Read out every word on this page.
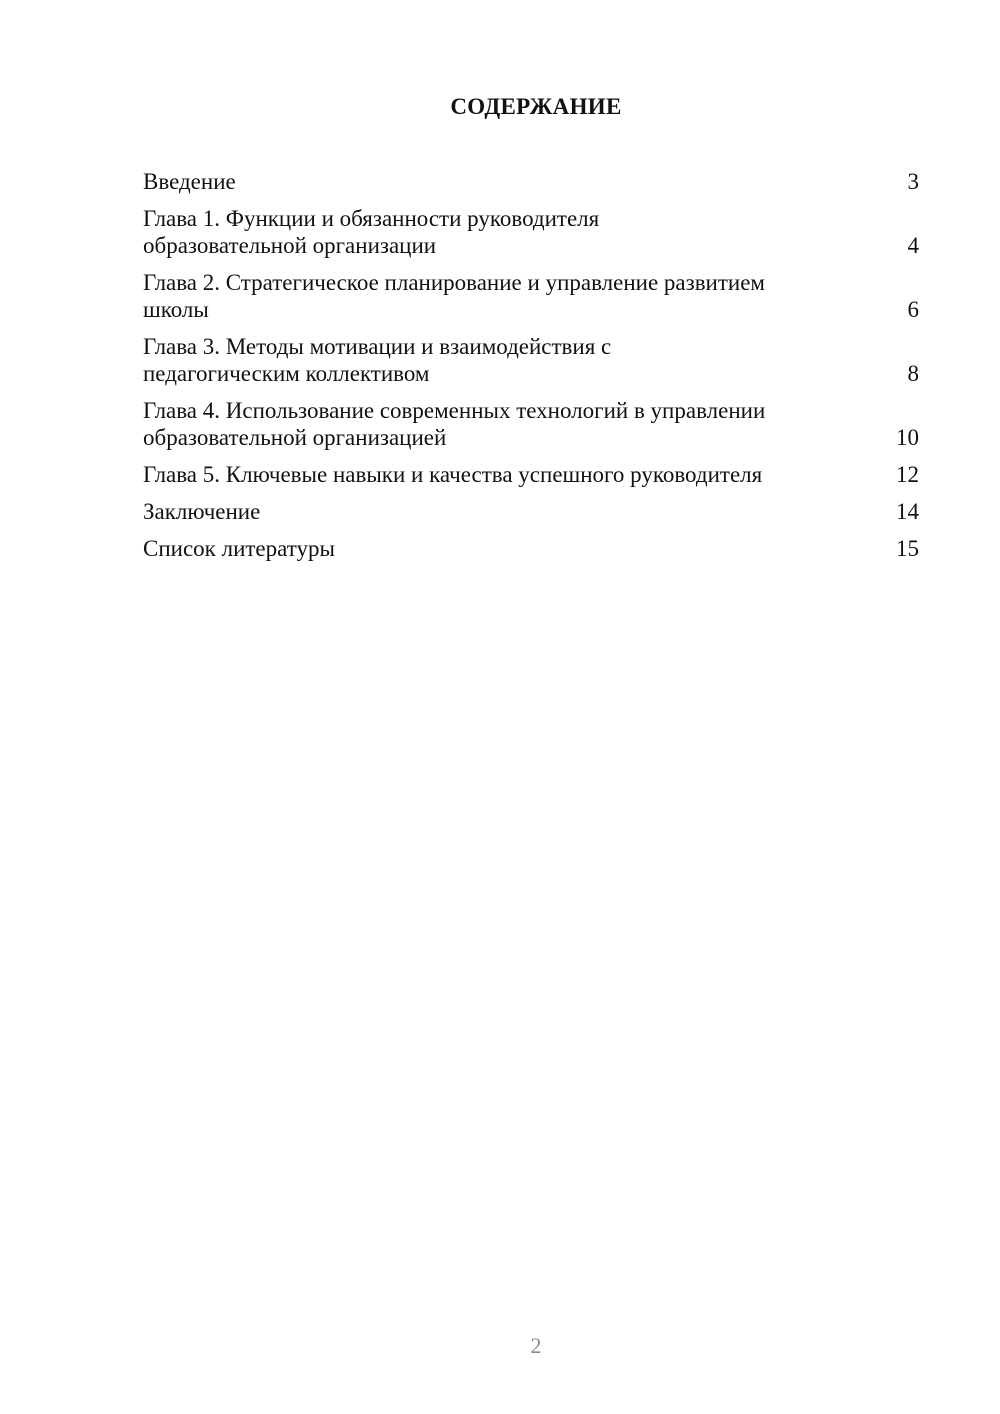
СОДЕРЖАНИЕ
Введение	3
Глава 1. Функции и обязанности руководителя
образовательной организации	4
Глава 2. Стратегическое планирование и управление развитием
школы	6
Глава 3. Методы мотивации и взаимодействия с
педагогическим коллективом	8
Глава 4. Использование современных технологий в управлении
образовательной организацией	10
Глава 5. Ключевые навыки и качества успешного руководителя	12
Заключение	14
Список литературы	15
2
